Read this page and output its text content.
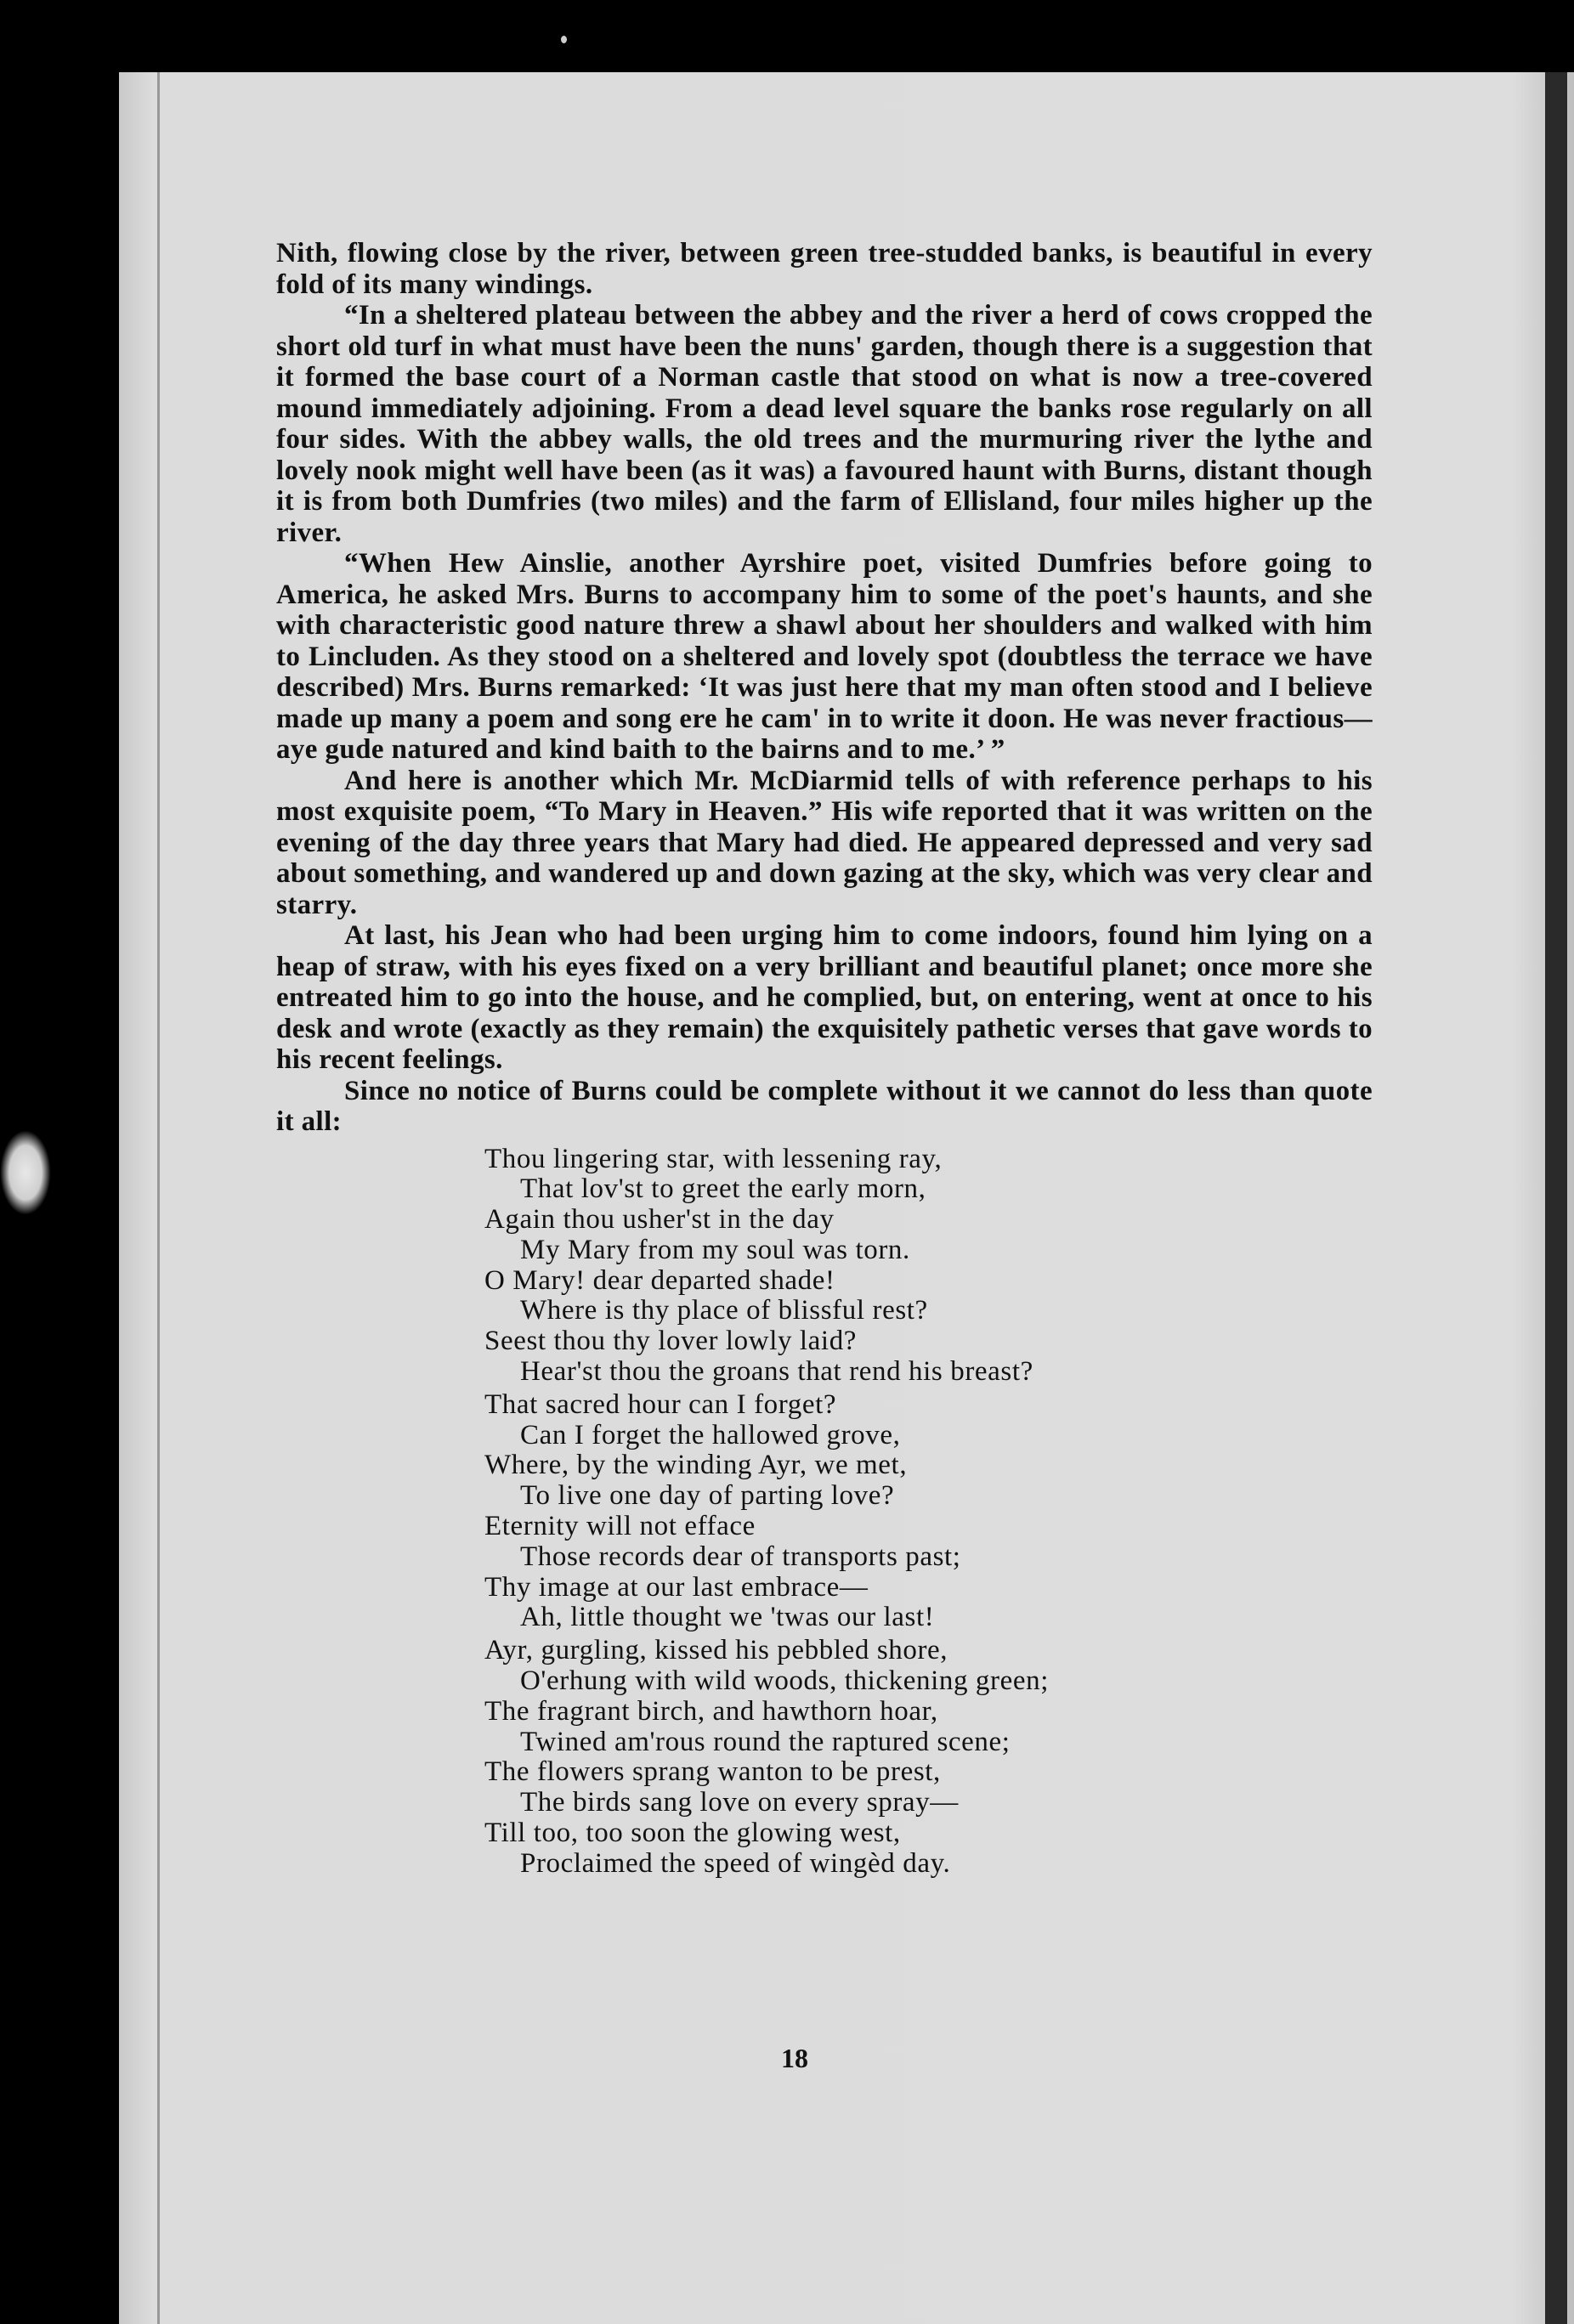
Nith, flowing close by the river, between green tree-studded banks, is beautiful in every fold of its many windings.

“In a sheltered plateau between the abbey and the river a herd of cows cropped the short old turf in what must have been the nuns' garden, though there is a suggestion that it formed the base court of a Norman castle that stood on what is now a tree-covered mound immediately adjoining. From a dead level square the banks rose regularly on all four sides. With the abbey walls, the old trees and the murmuring river the lythe and lovely nook might well have been (as it was) a favoured haunt with Burns, distant though it is from both Dumfries (two miles) and the farm of Ellisland, four miles higher up the river.

“When Hew Ainslie, another Ayrshire poet, visited Dumfries before going to America, he asked Mrs. Burns to accompany him to some of the poet's haunts, and she with characteristic good nature threw a shawl about her shoulders and walked with him to Lincluden. As they stood on a sheltered and lovely spot (doubtless the terrace we have described) Mrs. Burns remarked: ‘It was just here that my man often stood and I believe made up many a poem and song ere he cam' in to write it doon. He was never fractious—aye gude natured and kind baith to the bairns and to me.’ ”

And here is another which Mr. McDiarmid tells of with reference perhaps to his most exquisite poem, “To Mary in Heaven.” His wife reported that it was written on the evening of the day three years that Mary had died. He appeared depressed and very sad about something, and wandered up and down gazing at the sky, which was very clear and starry.

At last, his Jean who had been urging him to come indoors, found him lying on a heap of straw, with his eyes fixed on a very brilliant and beautiful planet; once more she entreated him to go into the house, and he complied, but, on entering, went at once to his desk and wrote (exactly as they remain) the exquisitely pathetic verses that gave words to his recent feelings.

Since no notice of Burns could be complete without it we cannot do less than quote it all:

Thou lingering star, with lessening ray,
That lov'st to greet the early morn,
Again thou usher'st in the day
My Mary from my soul was torn.
O Mary! dear departed shade!
Where is thy place of blissful rest?
Seest thou thy lover lowly laid?
Hear'st thou the groans that rend his breast?
That sacred hour can I forget?
Can I forget the hallowed grove,
Where, by the winding Ayr, we met,
To live one day of parting love?
Eternity will not efface
Those records dear of transports past;
Thy image at our last embrace—
Ah, little thought we 'twas our last!
Ayr, gurgling, kissed his pebbled shore,
O'erhung with wild woods, thickening green;
The fragrant birch, and hawthorn hoar,
Twined am'rous round the raptured scene;
The flowers sprang wanton to be prest,
The birds sang love on every spray—
Till too, too soon the glowing west,
Proclaimed the speed of wingèd day.
18
